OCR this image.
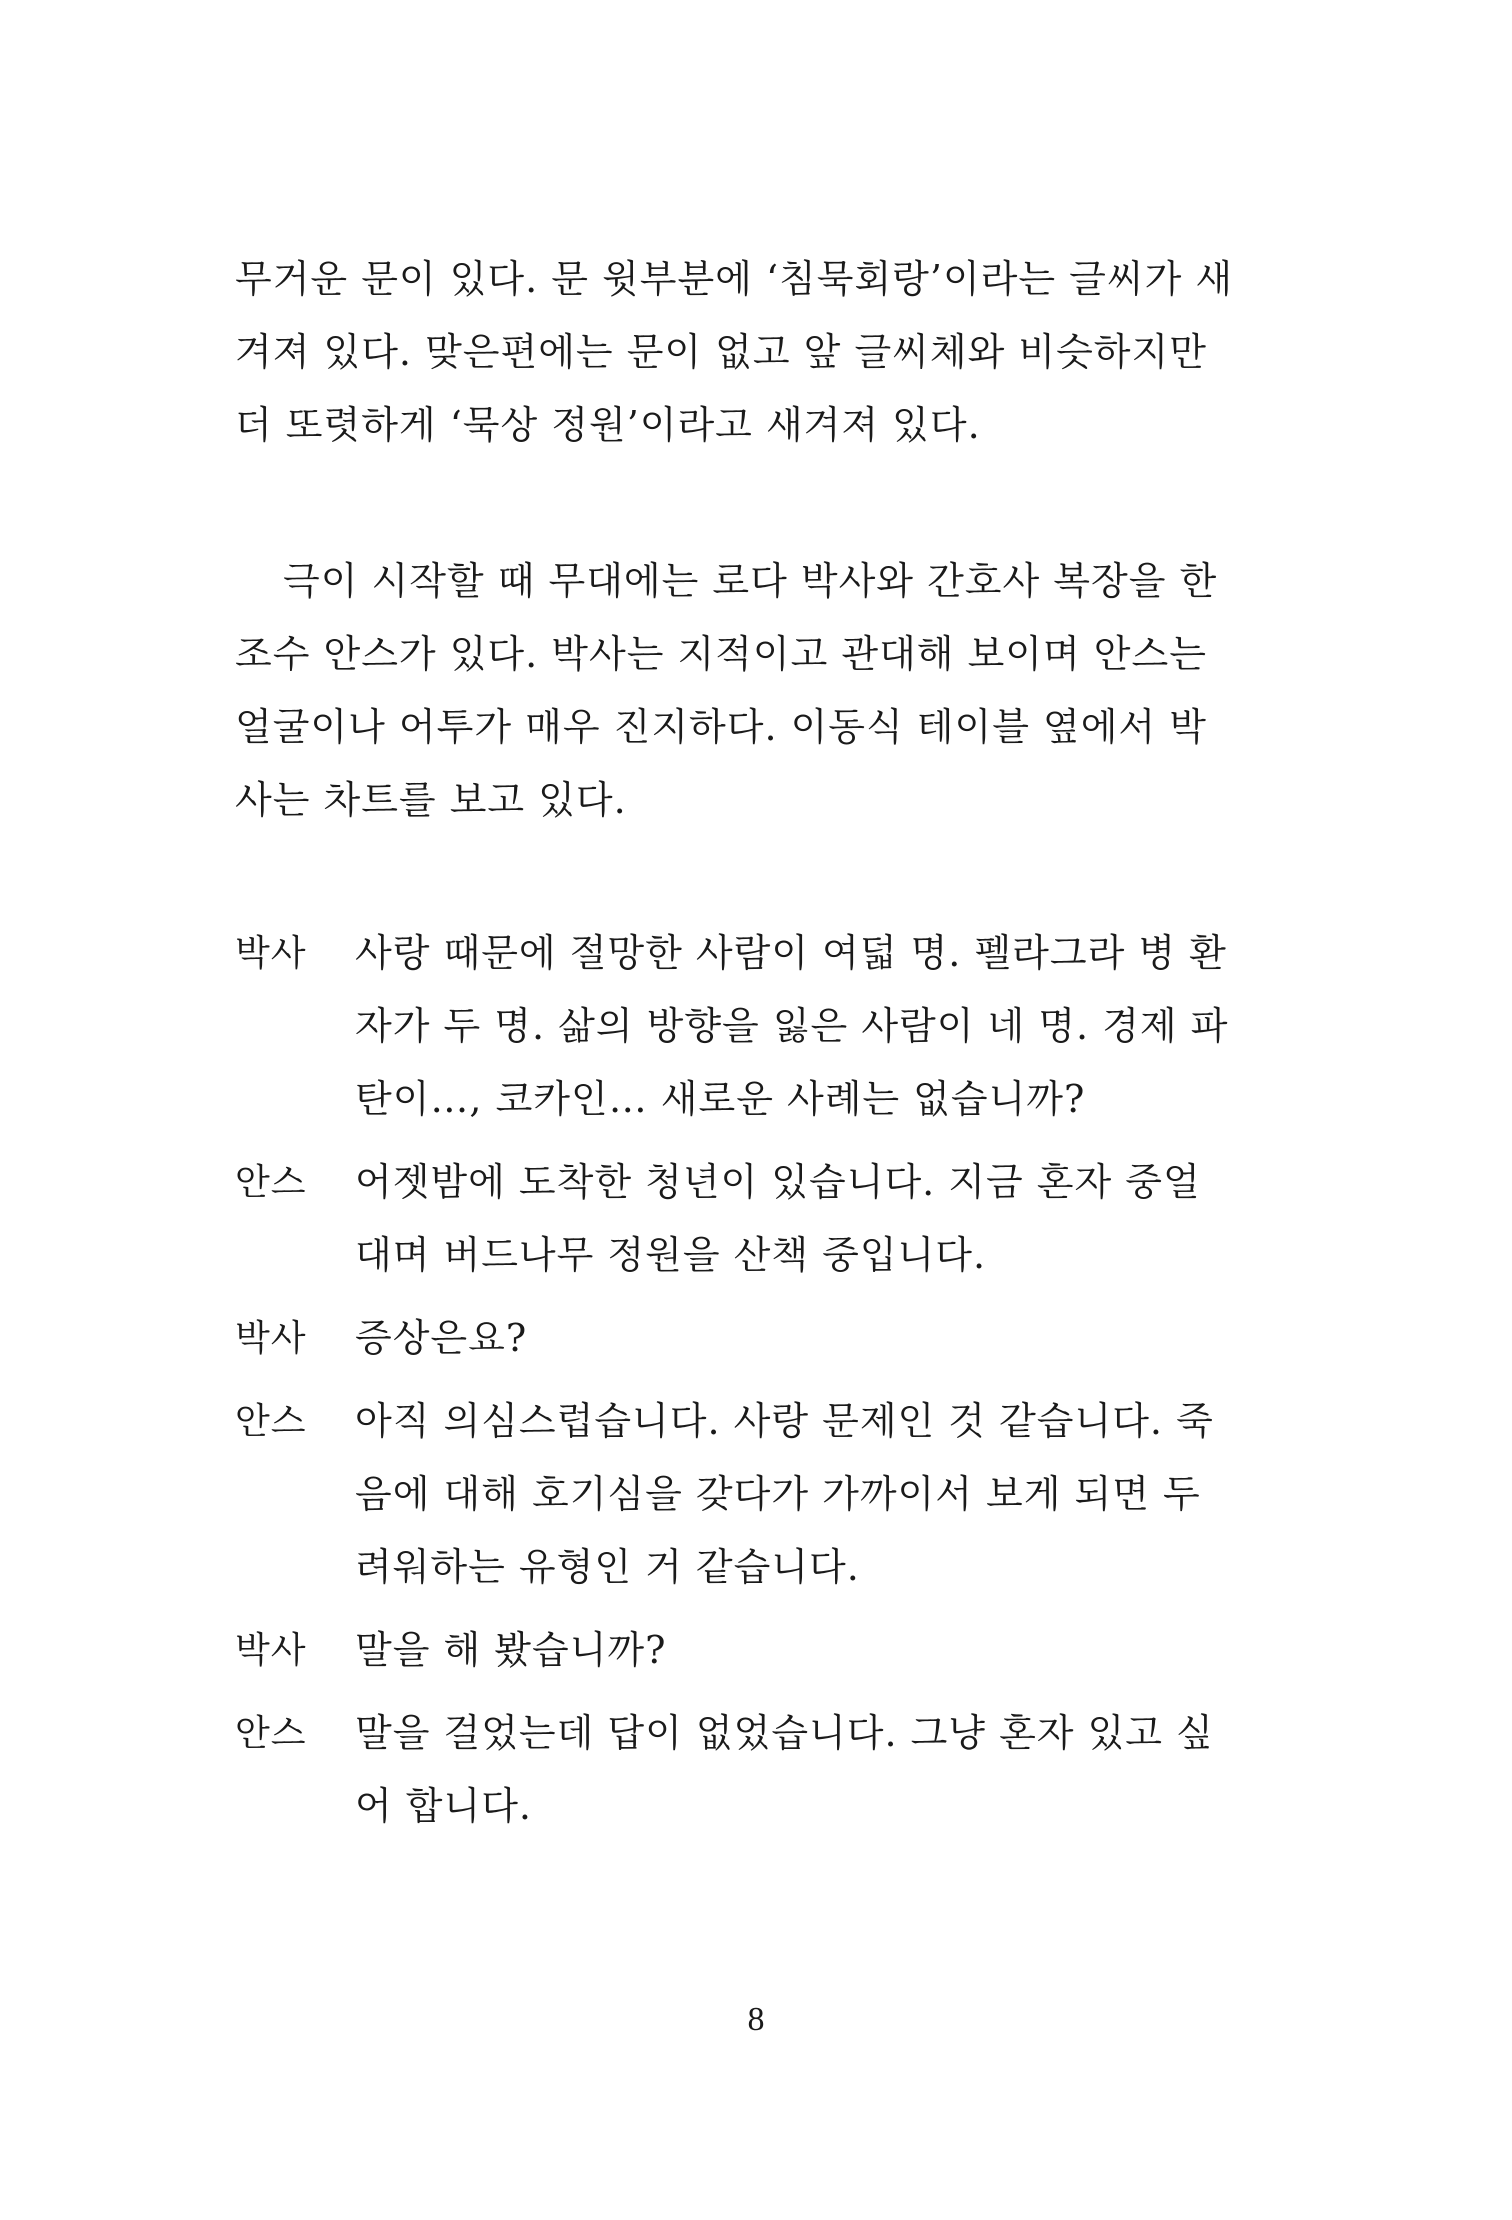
무거운 문이 있다. 문 윗부분에 ‘침묵회랑’이라는 글씨가 새
겨져 있다. 맞은편에는 문이 없고 앞 글씨체와 비슷하지만
더 또렷하게 ‘묵상 정원’이라고 새겨져 있다.

극이 시작할 때 무대에는 로다 박사와 간호사 복장을 한
조수 안스가 있다. 박사는 지적이고 관대해 보이며 안스는
얼굴이나 어투가 매우 진지하다. 이동식 테이블 옆에서 박
사는 차트를 보고 있다.

박사 사랑 때문에 절망한 사람이 여덟 명. 펠라그라 병 환
자가 두 명. 삶의 방향을 잃은 사람이 네 명. 경제 파
탄이…, 코카인… 새로운 사례는 없습니까?
안스 어젯밤에 도착한 청년이 있습니다. 지금 혼자 중얼
대며 버드나무 정원을 산책 중입니다.
박사 증상은요?
안스 아직 의심스럽습니다. 사랑 문제인 것 같습니다. 죽
음에 대해 호기심을 갖다가 가까이서 보게 되면 두
려워하는 유형인 거 같습니다.
박사 말을 해 봤습니까?
안스 말을 걸었는데 답이 없었습니다. 그냥 혼자 있고 싶
어 합니다.
8
